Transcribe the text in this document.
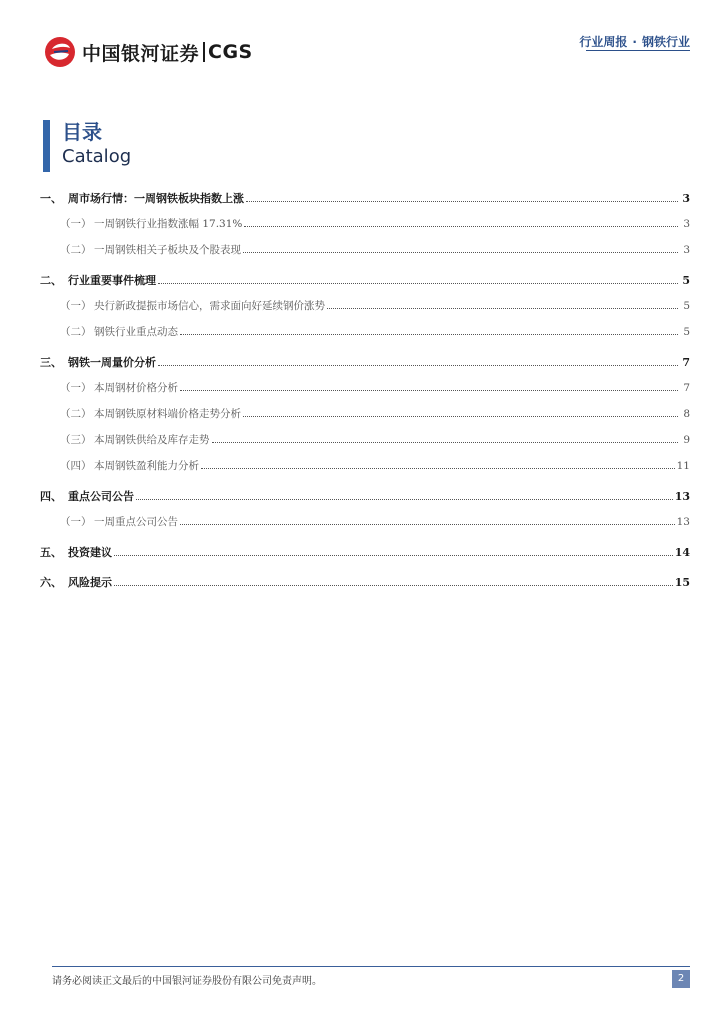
中国银河证券 CGS	行业周报 · 钢铁行业
目录
Catalog
一、 周市场行情：一周钢铁板块指数上涨	3
（一） 一周钢铁行业指数涨幅 17.31%	3
（二） 一周钢铁相关子板块及个股表现	3
二、 行业重要事件梳理	5
（一） 央行新政提振市场信心，需求面向好延续钢价涨势	5
（二） 钢铁行业重点动态	5
三、 钢铁一周量价分析	7
（一） 本周钢材价格分析	7
（二） 本周钢铁原材料端价格走势分析	8
（三） 本周钢铁供给及库存走势	9
（四） 本周钢铁盈利能力分析	11
四、 重点公司公告	13
（一） 一周重点公司公告	13
五、 投资建议	14
六、 风险提示	15
请务必阅读正文最后的中国银河证券股份有限公司免责声明。	2
